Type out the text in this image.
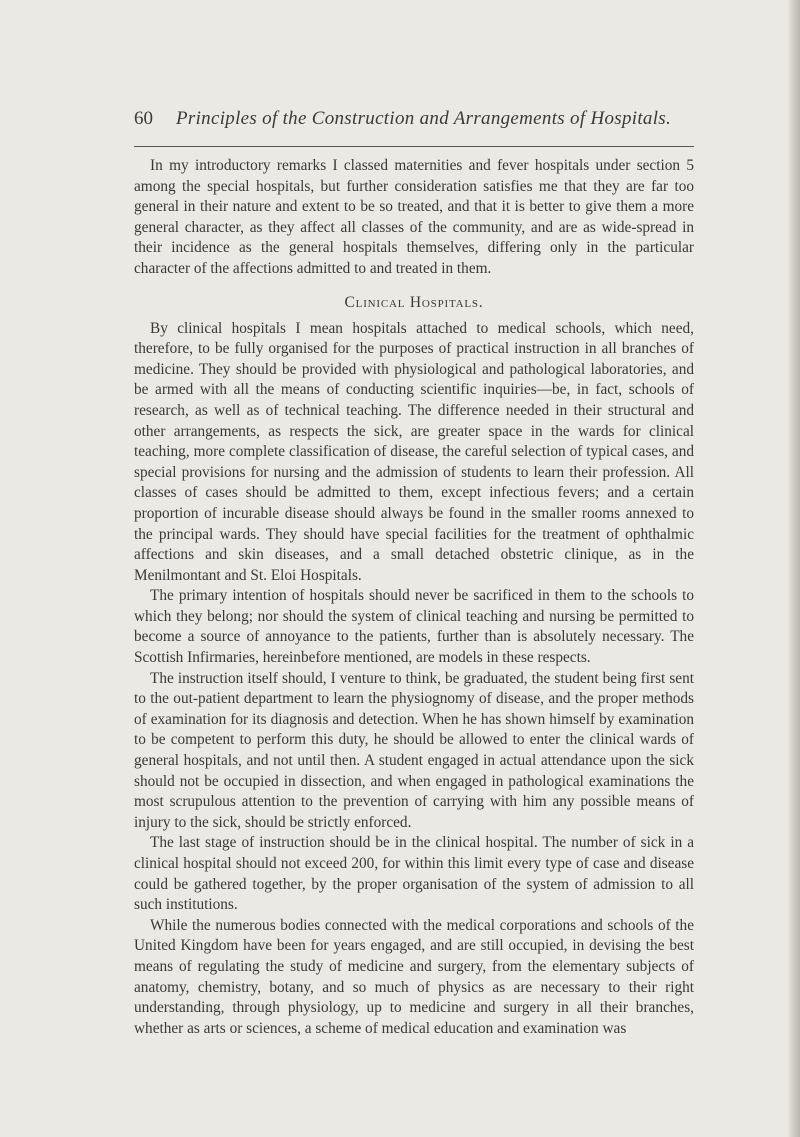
60 Principles of the Construction and Arrangements of Hospitals.

In my introductory remarks I classed maternities and fever hospitals under section 5 among the special hospitals, but further consideration satisfies me that they are far too general in their nature and extent to be so treated, and that it is better to give them a more general character, as they affect all classes of the community, and are as wide-spread in their incidence as the general hospitals themselves, differing only in the particular character of the affections admitted to and treated in them.

Clinical Hospitals.

By clinical hospitals I mean hospitals attached to medical schools, which need, therefore, to be fully organised for the purposes of practical instruction in all branches of medicine. They should be provided with physiological and pathological laboratories, and be armed with all the means of conducting scientific inquiries—be, in fact, schools of research, as well as of technical teaching. The difference needed in their structural and other arrangements, as respects the sick, are greater space in the wards for clinical teaching, more complete classification of disease, the careful selection of typical cases, and special provisions for nursing and the admission of students to learn their profession. All classes of cases should be admitted to them, except infectious fevers; and a certain proportion of incurable disease should always be found in the smaller rooms annexed to the principal wards. They should have special facilities for the treatment of ophthalmic affections and skin diseases, and a small detached obstetric clinique, as in the Menilmontant and St. Eloi Hospitals.

The primary intention of hospitals should never be sacrificed in them to the schools to which they belong; nor should the system of clinical teaching and nursing be permitted to become a source of annoyance to the patients, further than is absolutely necessary. The Scottish Infirmaries, hereinbefore mentioned, are models in these respects.

The instruction itself should, I venture to think, be graduated, the student being first sent to the out-patient department to learn the physiognomy of disease, and the proper methods of examination for its diagnosis and detection. When he has shown himself by examination to be competent to perform this duty, he should be allowed to enter the clinical wards of general hospitals, and not until then. A student engaged in actual attendance upon the sick should not be occupied in dissection, and when engaged in pathological examinations the most scrupulous attention to the prevention of carrying with him any possible means of injury to the sick, should be strictly enforced.

The last stage of instruction should be in the clinical hospital. The number of sick in a clinical hospital should not exceed 200, for within this limit every type of case and disease could be gathered together, by the proper organisation of the system of admission to all such institutions.

While the numerous bodies connected with the medical corporations and schools of the United Kingdom have been for years engaged, and are still occupied, in devising the best means of regulating the study of medicine and surgery, from the elementary subjects of anatomy, chemistry, botany, and so much of physics as are necessary to their right understanding, through physiology, up to medicine and surgery in all their branches, whether as arts or sciences, a scheme of medical education and examination was
